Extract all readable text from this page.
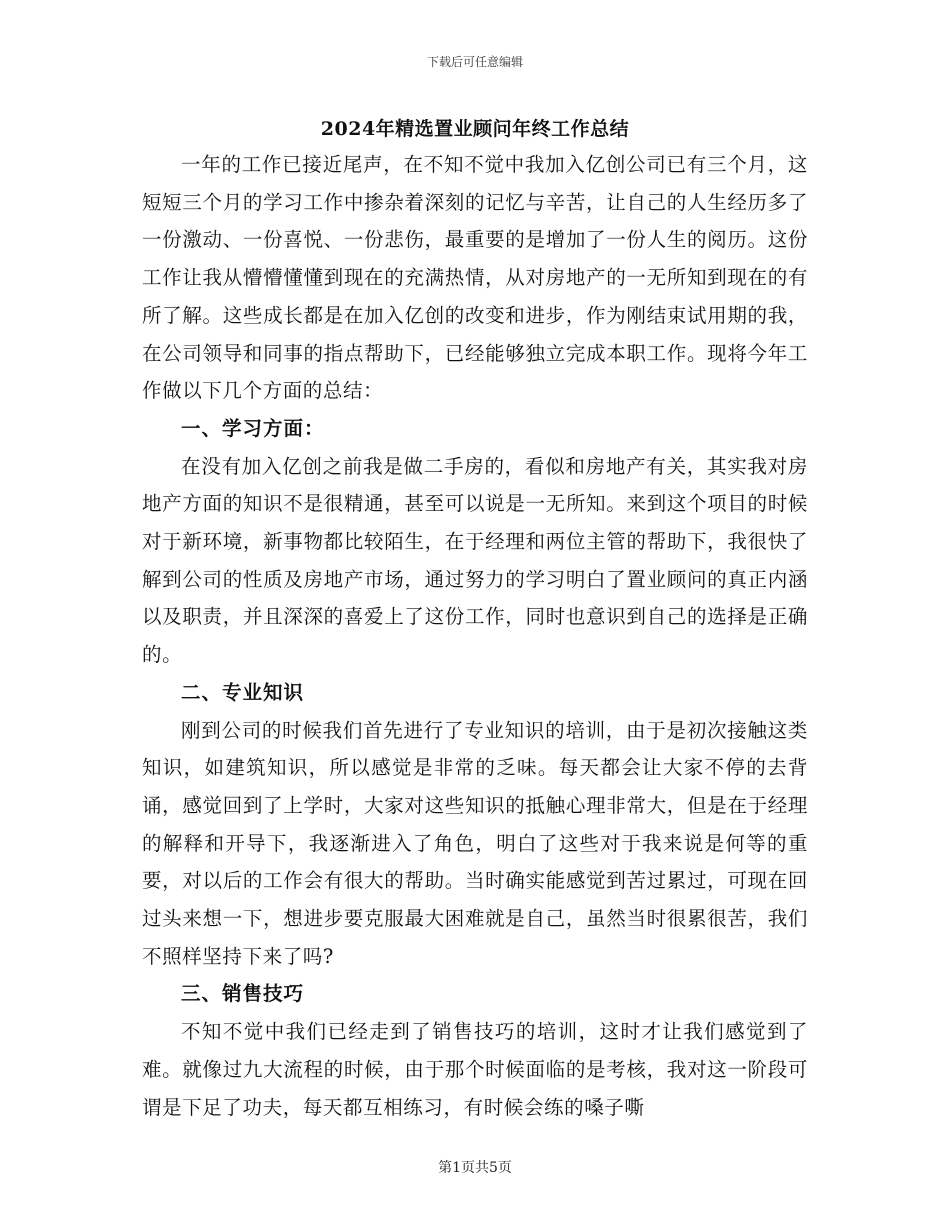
下载后可任意编辑
2024年精选置业顾问年终工作总结

一年的工作已接近尾声，在不知不觉中我加入亿创公司已有三个月，这短短三个月的学习工作中掺杂着深刻的记忆与辛苦，让自己的人生经历多了一份激动、一份喜悦、一份悲伤，最重要的是增加了一份人生的阅历。这份工作让我从懵懵懂懂到现在的充满热情，从对房地产的一无所知到现在的有所了解。这些成长都是在加入亿创的改变和进步，作为刚结束试用期的我，在公司领导和同事的指点帮助下，已经能够独立完成本职工作。现将今年工作做以下几个方面的总结：

一、学习方面：

在没有加入亿创之前我是做二手房的，看似和房地产有关，其实我对房地产方面的知识不是很精通，甚至可以说是一无所知。来到这个项目的时候对于新环境，新事物都比较陌生，在于经理和两位主管的帮助下，我很快了解到公司的性质及房地产市场，通过努力的学习明白了置业顾问的真正内涵以及职责，并且深深的喜爱上了这份工作，同时也意识到自己的选择是正确的。

二、专业知识

刚到公司的时候我们首先进行了专业知识的培训，由于是初次接触这类知识，如建筑知识，所以感觉是非常的乏味。每天都会让大家不停的去背诵，感觉回到了上学时，大家对这些知识的抵触心理非常大，但是在于经理的解释和开导下，我逐渐进入了角色，明白了这些对于我来说是何等的重要，对以后的工作会有很大的帮助。当时确实能感觉到苦过累过，可现在回过头来想一下，想进步要克服最大困难就是自己，虽然当时很累很苦，我们不照样坚持下来了吗?

三、销售技巧

不知不觉中我们已经走到了销售技巧的培训，这时才让我们感觉到了难。就像过九大流程的时候，由于那个时候面临的是考核，我对这一阶段可谓是下足了功夫，每天都互相练习，有时候会练的嗓子嘶

第1页共5页
